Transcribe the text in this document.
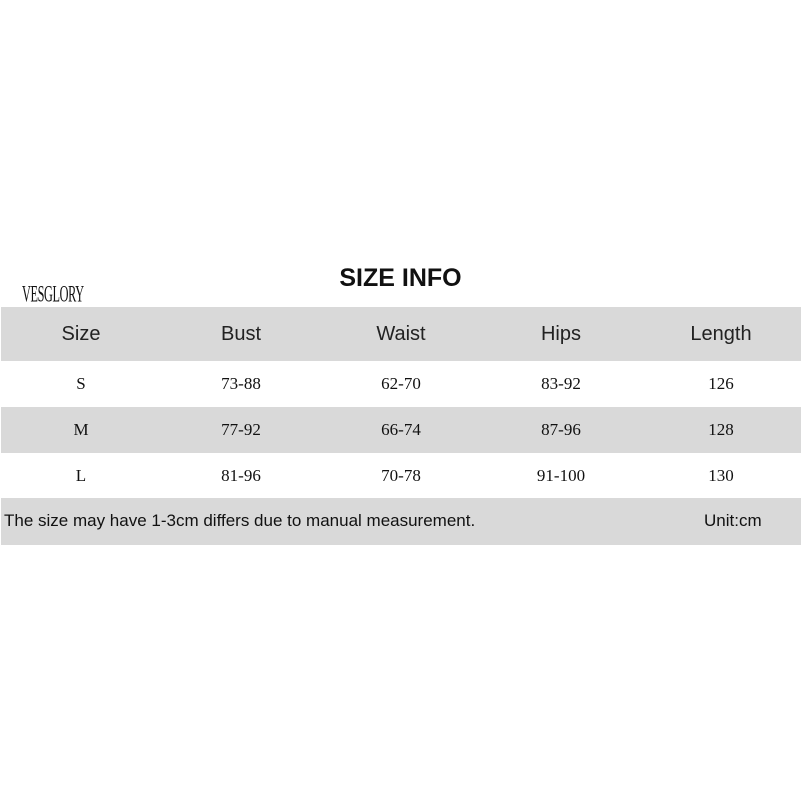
VESGLORY
SIZE INFO
Size	Bust	Waist	Hips	Length
S	73-88	62-70	83-92	126
M	77-92	66-74	87-96	128
L	81-96	70-78	91-100	130
The size may have 1-3cm differs due to manual measurement.	Unit:cm
